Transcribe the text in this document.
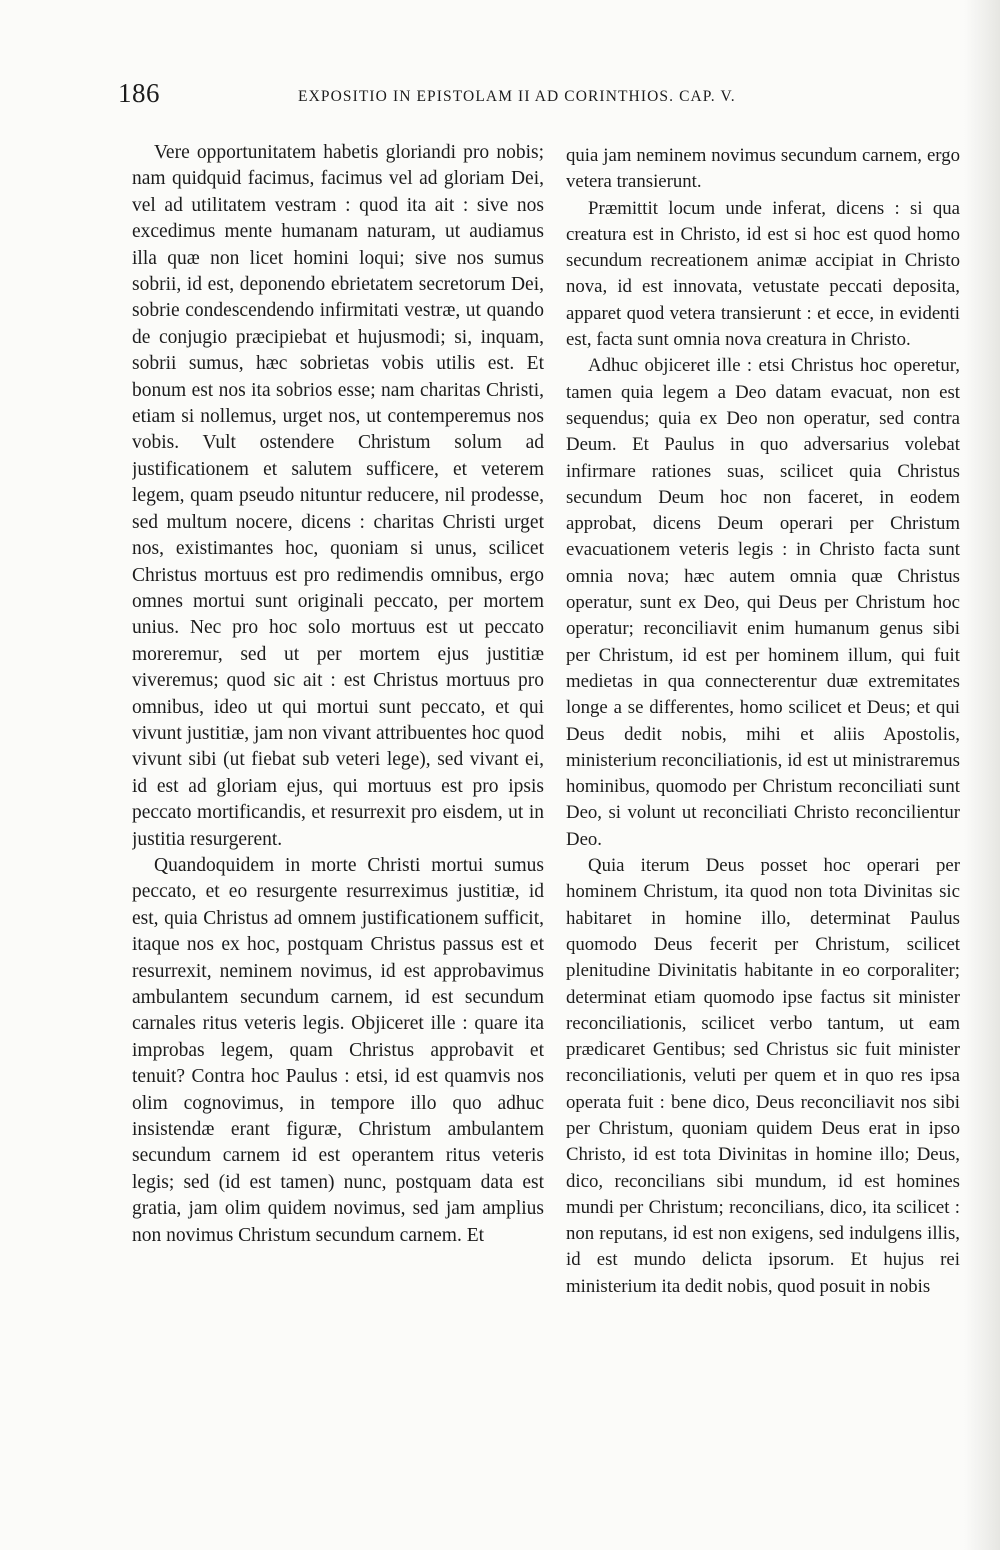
186	EXPOSITIO IN EPISTOLAM II AD CORINTHIOS. CAP. V.

Vere opportunitatem habetis gloriandi pro nobis; nam quidquid facimus, facimus vel ad gloriam Dei, vel ad utilitatem vestram : quod ita ait : sive nos excedimus mente humanam naturam, ut audiamus illa quæ non licet homini loqui; sive nos sumus sobrii, id est, deponendo ebrietatem secretorum Dei, sobrie condescendendo infirmitati vestræ, ut quando de conjugio præcipiebat et hujusmodi; si, inquam, sobrii sumus, hæc sobrietas vobis utilis est. Et bonum est nos ita sobrios esse; nam charitas Christi, etiam si nollemus, urget nos, ut contemperemus nos vobis. Vult ostendere Christum solum ad justificationem et salutem sufficere, et veterem legem, quam pseudo nituntur reducere, nil prodesse, sed multum nocere, dicens : charitas Christi urget nos, existimantes hoc, quoniam si unus, scilicet Christus mortuus est pro redimendis omnibus, ergo omnes mortui sunt originali peccato, per mortem unius. Nec pro hoc solo mortuus est ut peccato moreremur, sed ut per mortem ejus justitiæ viveremus; quod sic ait : est Christus mortuus pro omnibus, ideo ut qui mortui sunt peccato, et qui vivunt justitiæ, jam non vivant attribuentes hoc quod vivunt sibi (ut fiebat sub veteri lege), sed vivant ei, id est ad gloriam ejus, qui mortuus est pro ipsis peccato mortificandis, et resurrexit pro eisdem, ut in justitia resurgerent.

Quandoquidem in morte Christi mortui sumus peccato, et eo resurgente resurreximus justitiæ, id est, quia Christus ad omnem justificationem sufficit, itaque nos ex hoc, postquam Christus passus est et resurrexit, neminem novimus, id est approbavimus ambulantem secundum carnem, id est secundum carnales ritus veteris legis. Objiceret ille : quare ita improbas legem, quam Christus approbavit et tenuit? Contra hoc Paulus : etsi, id est quamvis nos olim cognovimus, in tempore illo quo adhuc insistendæ erant figuræ, Christum ambulantem secundum carnem id est operantem ritus veteris legis; sed (id est tamen) nunc, postquam data est gratia, jam olim quidem novimus, sed jam amplius non novimus Christum secundum carnem. Et

quia jam neminem novimus secundum carnem, ergo vetera transierunt.

Præmittit locum unde inferat, dicens : si qua creatura est in Christo, id est si hoc est quod homo secundum recreationem animæ accipiat in Christo nova, id est innovata, vetustate peccati deposita, apparet quod vetera transierunt : et ecce, in evidenti est, facta sunt omnia nova creatura in Christo.

Adhuc objiceret ille : etsi Christus hoc operetur, tamen quia legem a Deo datam evacuat, non est sequendus; quia ex Deo non operatur, sed contra Deum. Et Paulus in quo adversarius volebat infirmare rationes suas, scilicet quia Christus secundum Deum hoc non faceret, in eodem approbat, dicens Deum operari per Christum evacuationem veteris legis : in Christo facta sunt omnia nova; hæc autem omnia quæ Christus operatur, sunt ex Deo, qui Deus per Christum hoc operatur; reconciliavit enim humanum genus sibi per Christum, id est per hominem illum, qui fuit medietas in qua connecterentur duæ extremitates longe a se differentes, homo scilicet et Deus; et qui Deus dedit nobis, mihi et aliis Apostolis, ministerium reconciliationis, id est ut ministraremus hominibus, quomodo per Christum reconciliati sunt Deo, si volunt ut reconciliati Christo reconcilientur Deo.

Quia iterum Deus posset hoc operari per hominem Christum, ita quod non tota Divinitas sic habitaret in homine illo, determinat Paulus quomodo Deus fecerit per Christum, scilicet plenitudine Divinitatis habitante in eo corporaliter; determinat etiam quomodo ipse factus sit minister reconciliationis, scilicet verbo tantum, ut eam prædicaret Gentibus; sed Christus sic fuit minister reconciliationis, veluti per quem et in quo res ipsa operata fuit : bene dico, Deus reconciliavit nos sibi per Christum, quoniam quidem Deus erat in ipso Christo, id est tota Divinitas in homine illo; Deus, dico, reconcilians sibi mundum, id est homines mundi per Christum; reconcilians, dico, ita scilicet : non reputans, id est non exigens, sed indulgens illis, id est mundo delicta ipsorum. Et hujus rei ministerium ita dedit nobis, quod posuit in nobis
